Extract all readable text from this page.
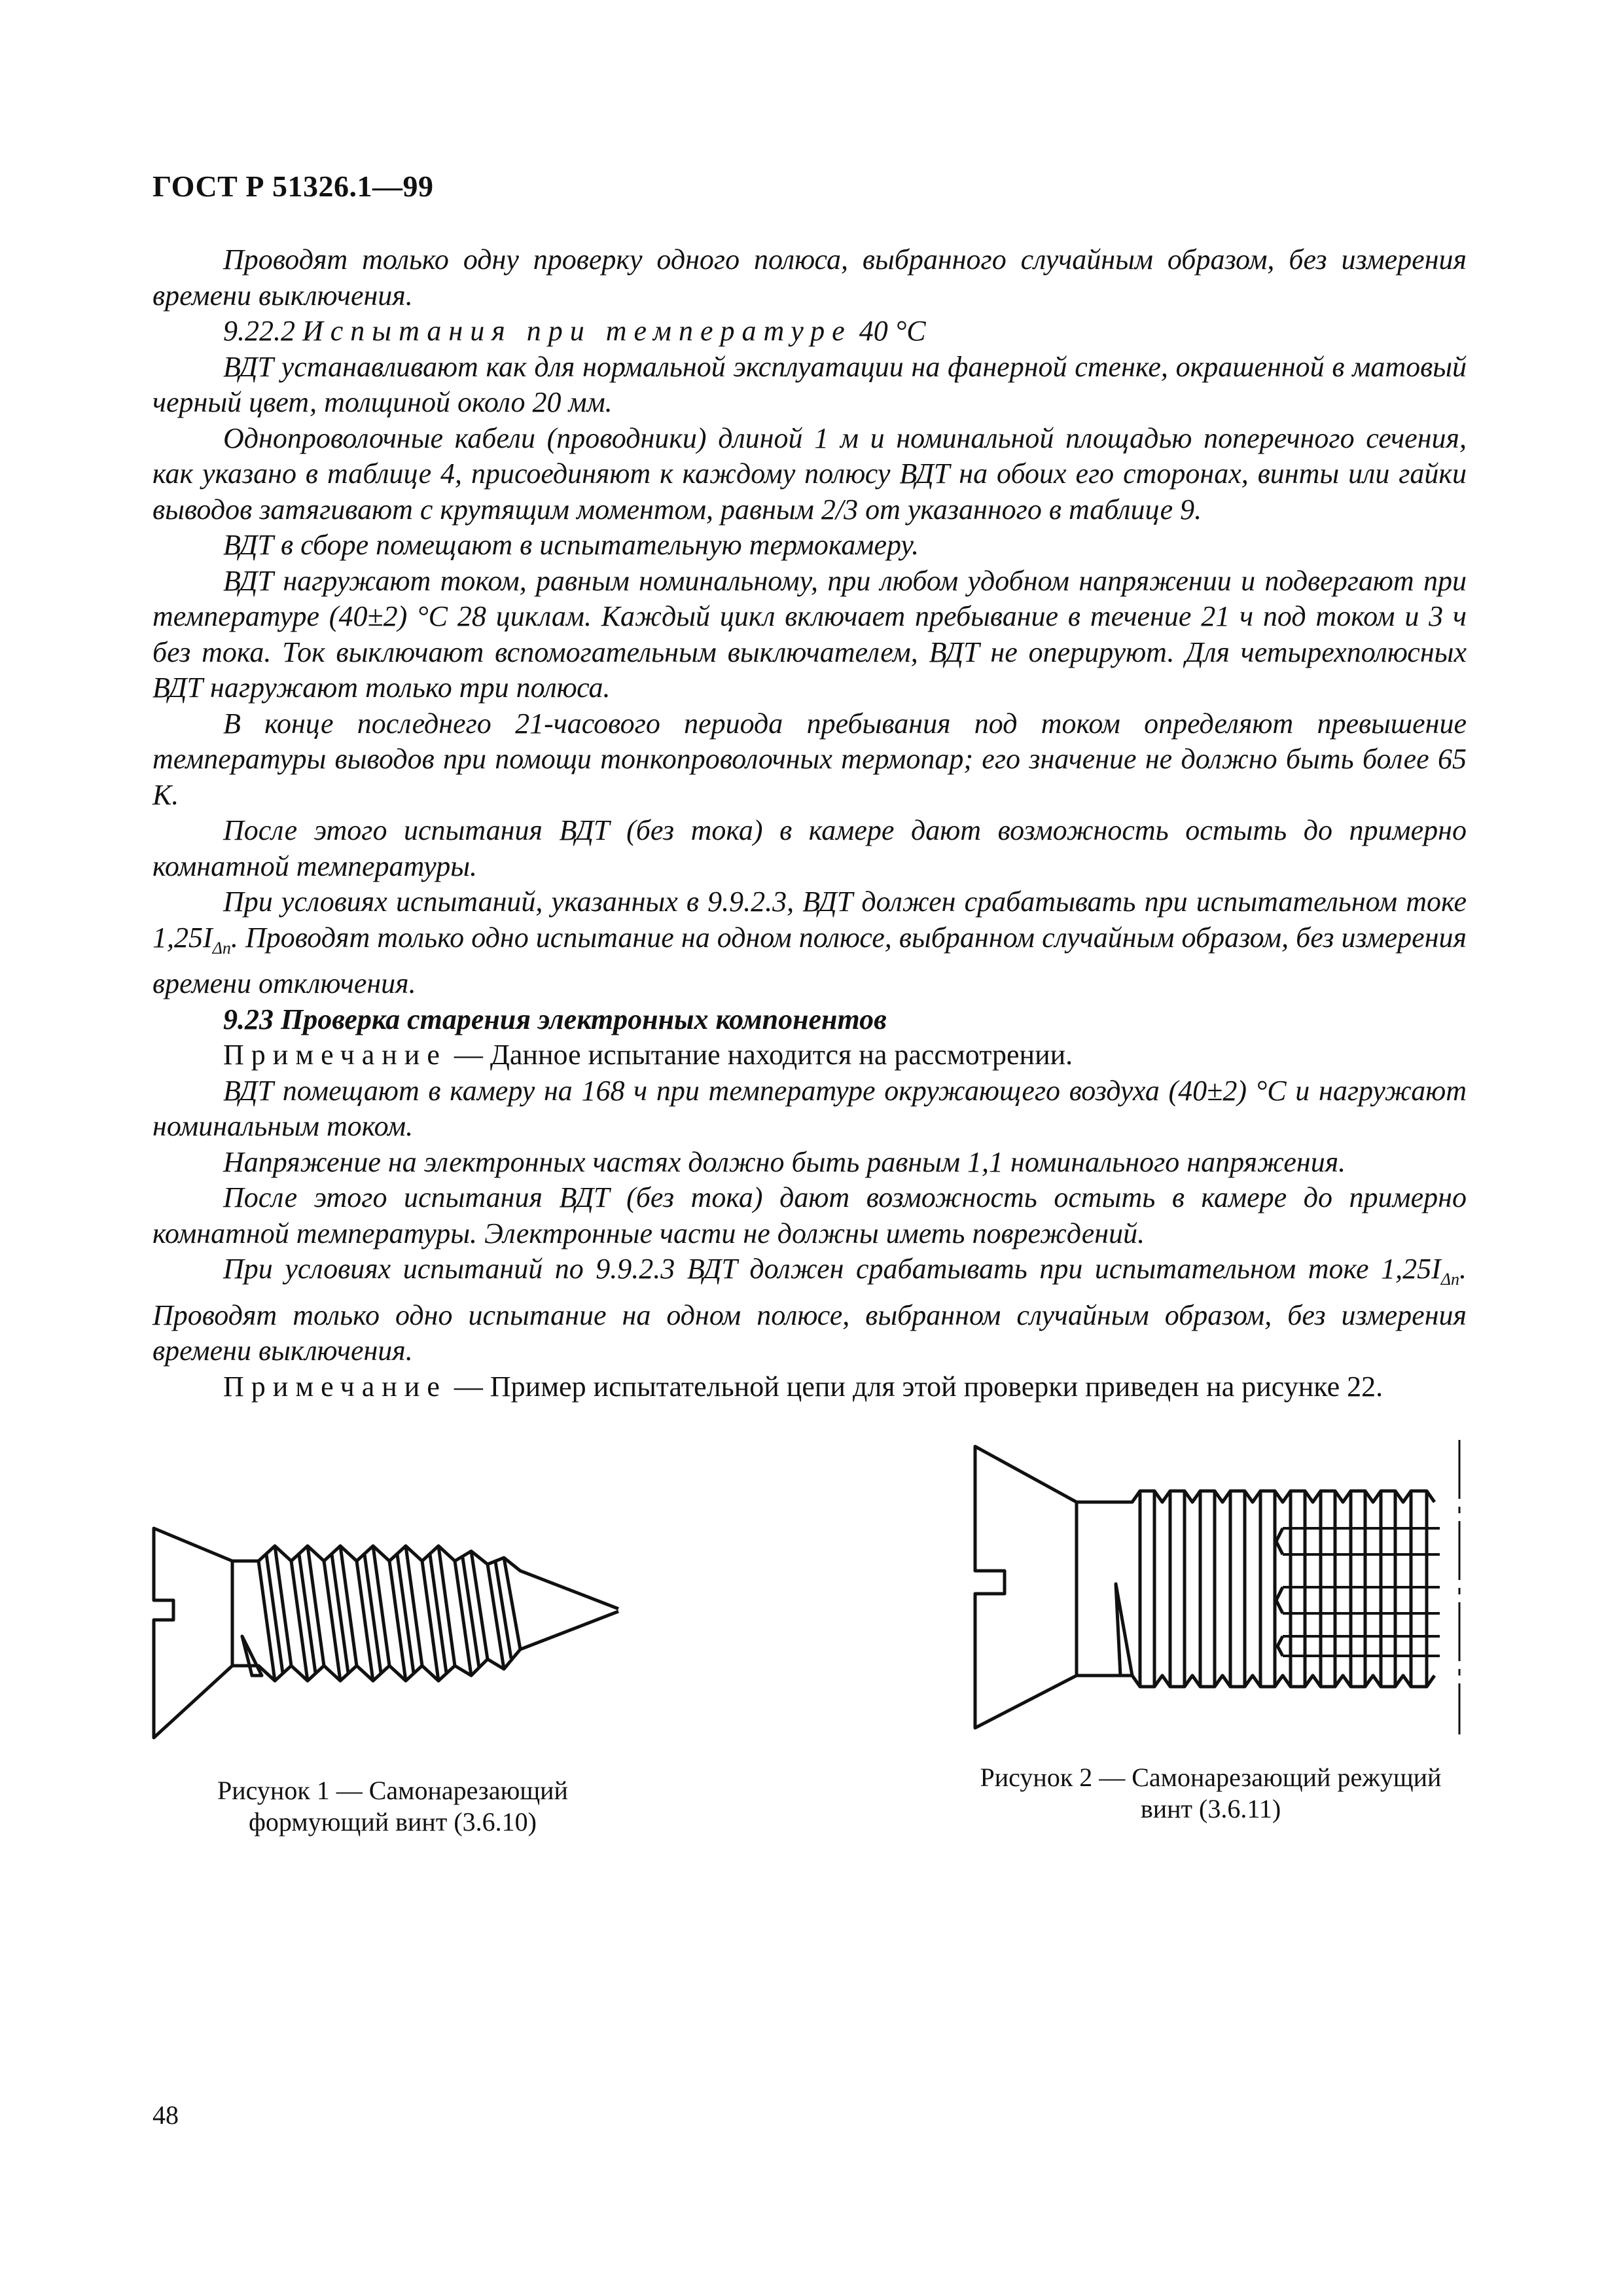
ГОСТ Р 51326.1—99

Проводят только одну проверку одного полюса, выбранного случайным образом, без измерения времени выключения.

9.22.2 Испытания при температуре 40 °С

ВДТ устанавливают как для нормальной эксплуатации на фанерной стенке, окрашенной в матовый черный цвет, толщиной около 20 мм.

Однопроволочные кабели (проводники) длиной 1 м и номинальной площадью поперечного сечения, как указано в таблице 4, присоединяют к каждому полюсу ВДТ на обоих его сторонах, винты или гайки выводов затягивают с крутящим моментом, равным 2/3 от указанного в таблице 9.

ВДТ в сборе помещают в испытательную термокамеру.

ВДТ нагружают током, равным номинальному, при любом удобном напряжении и подвергают при температуре (40±2) °С 28 циклам. Каждый цикл включает пребывание в течение 21 ч под током и 3 ч без тока. Ток выключают вспомогательным выключателем, ВДТ не оперируют. Для четырехполюсных ВДТ нагружают только три полюса.

В конце последнего 21-часового периода пребывания под током определяют превышение температуры выводов при помощи тонкопроволочных термопар; его значение не должно быть более 65 К.

После этого испытания ВДТ (без тока) в камере дают возможность остыть до примерно комнатной температуры.

При условиях испытаний, указанных в 9.9.2.3, ВДТ должен срабатывать при испытательном токе $1,25I_{\Delta n}$. Проводят только одно испытание на одном полюсе, выбранном случайным образом, без измерения времени отключения.

9.23 Проверка старения электронных компонентов

Примечание — Данное испытание находится на рассмотрении.

ВДТ помещают в камеру на 168 ч при температуре окружающего воздуха (40±2) °С и нагружают номинальным током.

Напряжение на электронных частях должно быть равным 1,1 номинального напряжения.

После этого испытания ВДТ (без тока) дают возможность остыть в камере до примерно комнатной температуры. Электронные части не должны иметь повреждений.

При условиях испытаний по 9.9.2.3 ВДТ должен срабатывать при испытательном токе $1,25I_{\Delta n}$. Проводят только одно испытание на одном полюсе, выбранном случайным образом, без измерения времени выключения.

Примечание — Пример испытательной цепи для этой проверки приведен на рисунке 22.

Рисунок 1 — Самонарезающий формующий винт (3.6.10)
Рисунок 2 — Самонарезающий режущий винт (3.6.11)
48
